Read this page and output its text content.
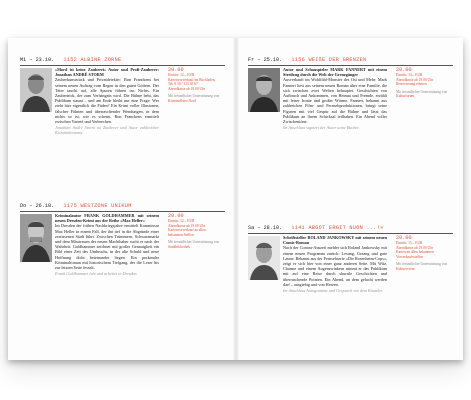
Mi – 23.10. 1152 ALBINE ZORNE

»Mord ist keine Zauberei« Autor und Profi-Zauberer: Jonathan ANDRÉ STORM

Zauberkunststück und Privatdetektiv: Ron Franckens bei seinem neuen Auftrag vom Regen in den guten Göttern. Der Täter taucht auf, alle Spuren führen ins Nichts. Ein Zaubertrick, der zum Verhängnis wird. Die Bühne bebt, das Publikum staunt – und am Ende bleibt nur eine Frage: Wer zieht hier eigentlich die Fäden? Ein Krimi voller Illusionen, falscher Fährten und überraschender Wendungen, in dem nichts so ist, wie es scheint. Ron Franckens ermittelt zwischen Varieté und Verbrechen.

Jonathan André Storm ist Zauberer und Autor zahlreicher Kriminalromane.

20.00
Eintritt: 12,– EUR
Kartenvorverkauf im Buchladen, Tel. 0 30 / 123 45 67
Abendkasse ab 19.00 Uhr
Mit freundlicher Unterstützung von
Kriminalbüro Nord
Fr – 25.10. 1156 WEIßE DER GRENZEN

Autor und Schauspieler MARK FANNERT mit einem Streifzug durch die Welt der Grenzgänger

Ausverkauft im Wohlfühl-Monster des Ost und Mehr: Mark Fannert liest aus seinem neuen Roman über eine Familie, die sich zwischen zwei Welten behauptet. Geschichten von Aufbruch und Ankommen, von Heimat und Fremde, erzählt mit leiser Ironie und großer Wärme. Fannert, bekannt aus zahlreichen Film- und Fernsehproduktionen, bringt seine Figuren mit viel Gespür auf die Bühne und lässt das Publikum an ihrem Schicksal teilhaben. Ein Abend voller Zwischentöne.

Im Anschluss signiert der Autor seine Bücher.

20.00
Eintritt: 14,– EUR
Abendkasse ab 19.00 Uhr
Reservierung erbeten
Mit freundlicher Unterstützung von
Kulturforum
Do – 26.10. 1175 WESTZONE UNIKUM

Kriminalautor FRANK GOLDHAMMER mit seinem neuen Dresden-Krimi aus der Reihe »Max Heller«

Im Dresden der frühen Nachkriegsjahre ermittelt Kommissar Max Heller in einem Fall, der ihn tief in die Abgründe einer zerrissenen Stadt führt. Zwischen Trümmern, Schwarzmarkt und dem Misstrauen der neuen Machthaber sucht er nach der Wahrheit. Goldhammer zeichnet mit großer Genauigkeit ein Bild einer Zeit des Umbruchs, in der alte Schuld und neue Hoffnung dicht beieinander liegen. Ein packender Kriminalroman mit historischem Tiefgang, der die Leser bis zur letzten Seite fesselt.

Frank Goldhammer lebt und arbeitet in Dresden.

20.00
Eintritt: 12,– EUR
Abendkasse ab 19.00 Uhr
Kartenvorverkauf an allen bekannten Stellen
Mit freundlicher Unterstützung von
Stadtbibliothek
Sa – 28.10. 1141 ABGOT ERGIT NUON ...!»

Schriftsteller ROLAND JANKOWSKY mit seinem neuen Comic-Roman

Nach der Corona-Auszeit meldet sich Roland Jankowsky mit einem neuen Programm zurück: Lesung, Gesang und gute Laune. Bekannt aus der Fernsehserie »Die Rosenheim-Cops«, zeigt er sich hier von einer ganz anderen Seite. Mit Witz, Charme und einem Augenzwinkern nimmt er das Publikum mit auf eine Reise durch skurrile Geschichten und überraschende Pointen. Ein Abend, an dem gelacht werden darf – ausgiebig und von Herzen.

Im Anschluss Autogramme und Gespräch mit dem Künstler.

20.00
Eintritt: 15,– EUR
Abendkasse ab 19.00 Uhr
Karten an allen bekannten Vorverkaufsstellen
Mit freundlicher Unterstützung von
Kulturverein
